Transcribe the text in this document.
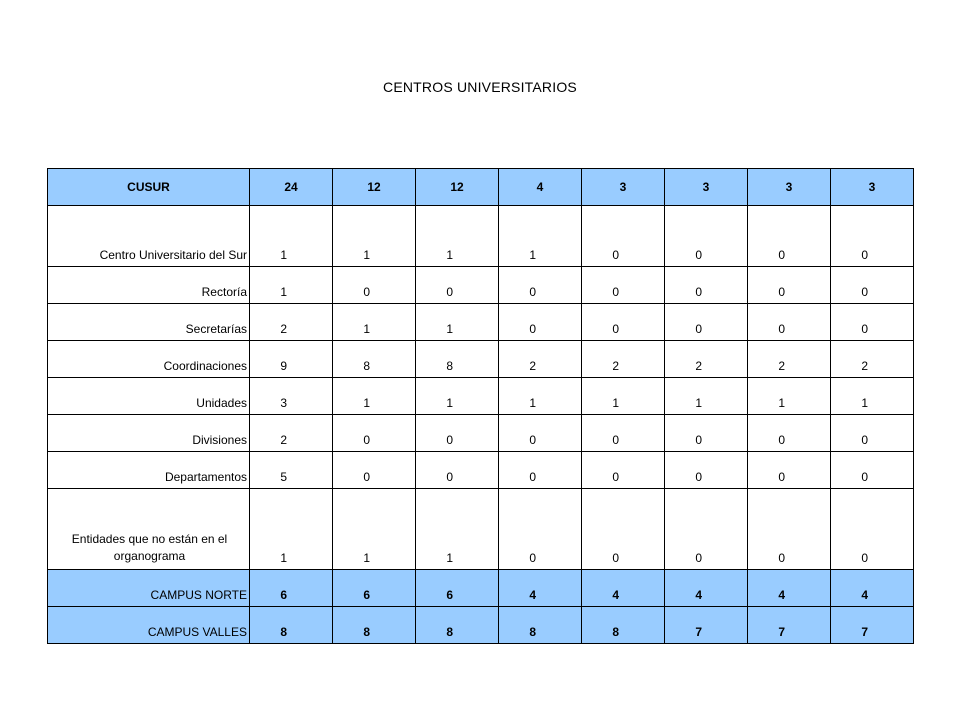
CENTROS UNIVERSITARIOS
CUSUR	24	12	12	4	3	3	3	3
Centro Universitario del Sur	1	1	1	1	0	0	0	0
Rectoría	1	0	0	0	0	0	0	0
Secretarías	2	1	1	0	0	0	0	0
Coordinaciones	9	8	8	2	2	2	2	2
Unidades	3	1	1	1	1	1	1	1
Divisiones	2	0	0	0	0	0	0	0
Departamentos	5	0	0	0	0	0	0	0
Entidades que no están en el organograma	1	1	1	0	0	0	0	0
CAMPUS NORTE	6	6	6	4	4	4	4	4
CAMPUS VALLES	8	8	8	8	8	7	7	7
